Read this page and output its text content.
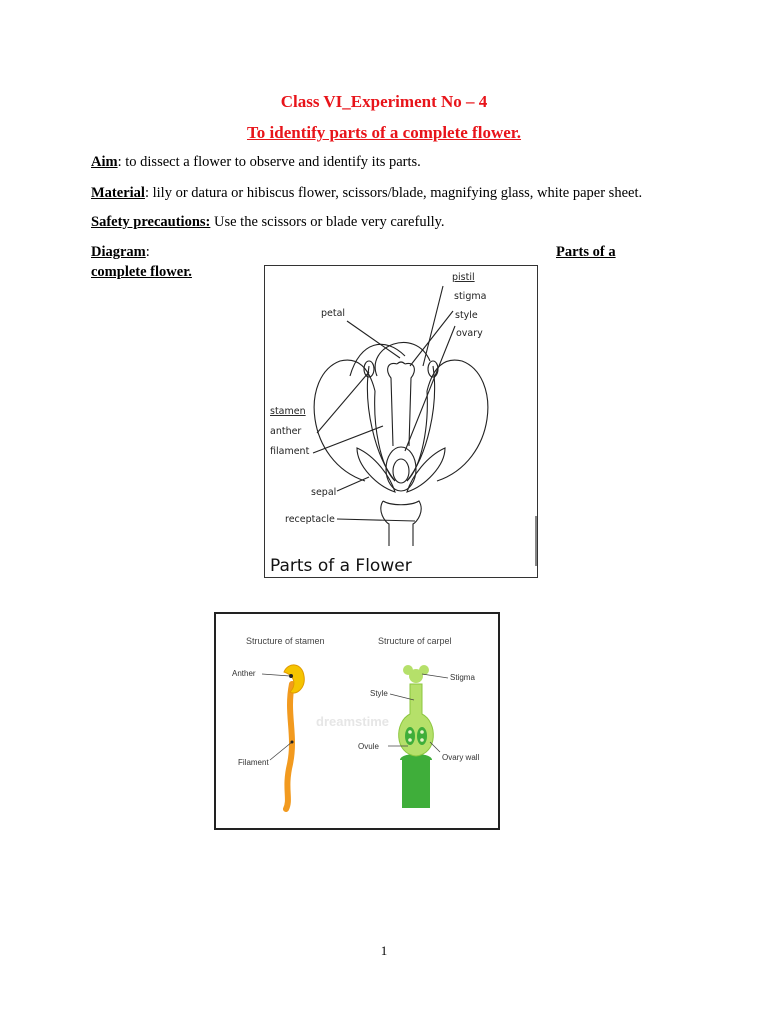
Class VI_Experiment No – 4
To identify parts of a complete flower.
Aim: to dissect a flower to observe and identify its parts.
Material: lily or datura or hibiscus flower, scissors/blade, magnifying glass, white paper sheet.
Safety precautions: Use the scissors or blade very carefully.
Diagram:	Parts of a
complete flower.	pistil
stigma
style
ovary
petal
stamen
anther
filament
sepal
receptacle
Parts of a Flower
Structure of stamen	Structure of carpel
Anther
Filament
Stigma
Style
Ovule
Ovary wall
dreamstime
1
